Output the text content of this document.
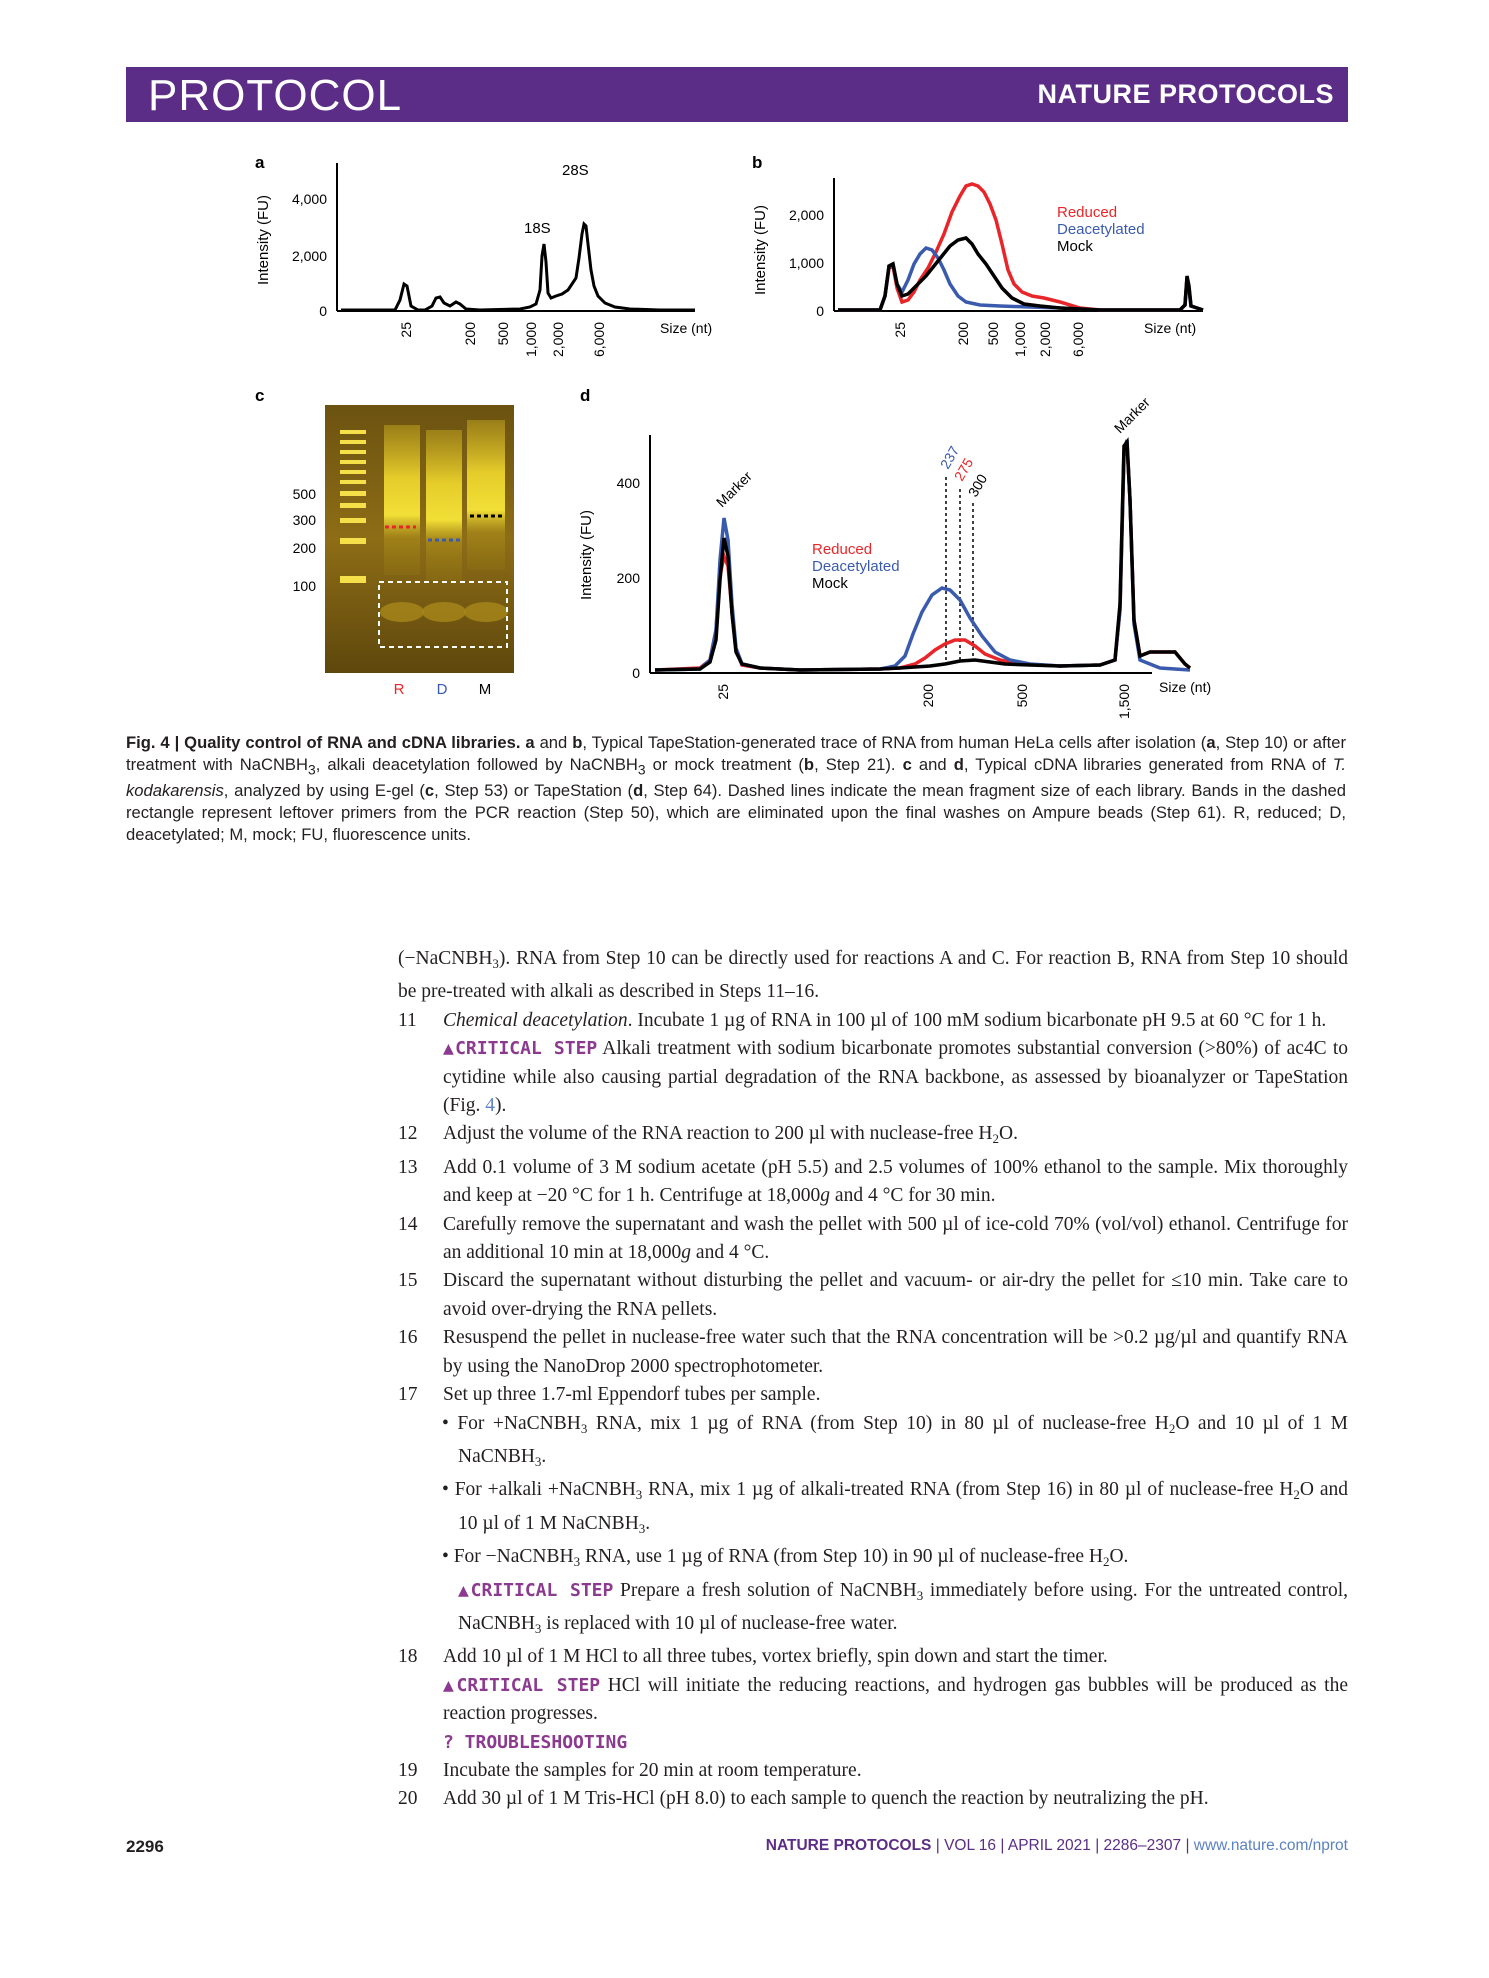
PROTOCOL	NATURE PROTOCOLS
a
Intensity (FU) 4,000
2,000
0
25	200 500 1,000 2,000 6,000	Size (nt)
28S
18S
b
Intensity (FU) 2,000
1,000
0
25	200 500 1,000 2,000 6,000	Size (nt)
Reduced
Deacetylated
Mock
c
500
300
200
100
R D M
d
Intensity (FU)
400
200
0
25	200	500	1,500 Size (nt)
Marker
Marker
237
275
300
Reduced
Deacetylated
Mock
Fig. 4 | Quality control of RNA and cDNA libraries. a and b, Typical TapeStation-generated trace of RNA from human HeLa cells after isolation (a, Step 10) or after treatment with NaCNBH$_3$, alkali deacetylation followed by NaCNBH$_3$ or mock treatment (b, Step 21). c and d, Typical cDNA libraries generated from RNA of T. kodakarensis, analyzed by using E-gel (c, Step 53) or TapeStation (d, Step 64). Dashed lines indicate the mean fragment size of each library. Bands in the dashed rectangle represent leftover primers from the PCR reaction (Step 50), which are eliminated upon the final washes on Ampure beads (Step 61). R, reduced; D, deacetylated; M, mock; FU, fluorescence units.

(−NaCNBH$_3$). RNA from Step 10 can be directly used for reactions A and C. For reaction B, RNA from Step 10 should be pre-treated with alkali as described in Steps 11–16.

11 Chemical deacetylation. Incubate 1 µg of RNA in 100 µl of 100 mM sodium bicarbonate pH 9.5 at 60 °C for 1 h.
▲CRITICAL STEP Alkali treatment with sodium bicarbonate promotes substantial conversion (>80%) of ac4C to cytidine while also causing partial degradation of the RNA backbone, as assessed by bioanalyzer or TapeStation (Fig. 4).
12 Adjust the volume of the RNA reaction to 200 µl with nuclease-free $H_2O$.
13 Add 0.1 volume of 3 M sodium acetate (pH 5.5) and 2.5 volumes of 100% ethanol to the sample. Mix thoroughly and keep at −20 °C for 1 h. Centrifuge at 18,000g and 4 °C for 30 min.
14 Carefully remove the supernatant and wash the pellet with 500 µl of ice-cold 70% (vol/vol) ethanol. Centrifuge for an additional 10 min at 18,000g and 4 °C.
15 Discard the supernatant without disturbing the pellet and vacuum- or air-dry the pellet for ≤10 min. Take care to avoid over-drying the RNA pellets.
16 Resuspend the pellet in nuclease-free water such that the RNA concentration will be >0.2 µg/µl and quantify RNA by using the NanoDrop 2000 spectrophotometer.
17 Set up three 1.7-ml Eppendorf tubes per sample.
• For +NaCNBH$_3$ RNA, mix 1 µg of RNA (from Step 10) in 80 µl of nuclease-free $H_2O$ and 10 µl of 1 M NaCNBH$_3$.
• For +alkali +NaCNBH$_3$ RNA, mix 1 µg of alkali-treated RNA (from Step 16) in 80 µl of nuclease-free $H_2O$ and 10 µl of 1 M NaCNBH$_3$.
• For −NaCNBH$_3$ RNA, use 1 µg of RNA (from Step 10) in 90 µl of nuclease-free $H_2O$.
▲CRITICAL STEP Prepare a fresh solution of NaCNBH$_3$ immediately before using. For the untreated control, NaCNBH$_3$ is replaced with 10 µl of nuclease-free water.
18 Add 10 µl of 1 M HCl to all three tubes, vortex briefly, spin down and start the timer.
▲CRITICAL STEP HCl will initiate the reducing reactions, and hydrogen gas bubbles will be produced as the reaction progresses.
? TROUBLESHOOTING
19 Incubate the samples for 20 min at room temperature.
20 Add 30 µl of 1 M Tris-HCl (pH 8.0) to each sample to quench the reaction by neutralizing the pH.
2296	NATURE PROTOCOLS | VOL 16 | APRIL 2021 | 2286–2307 | www.nature.com/nprot
